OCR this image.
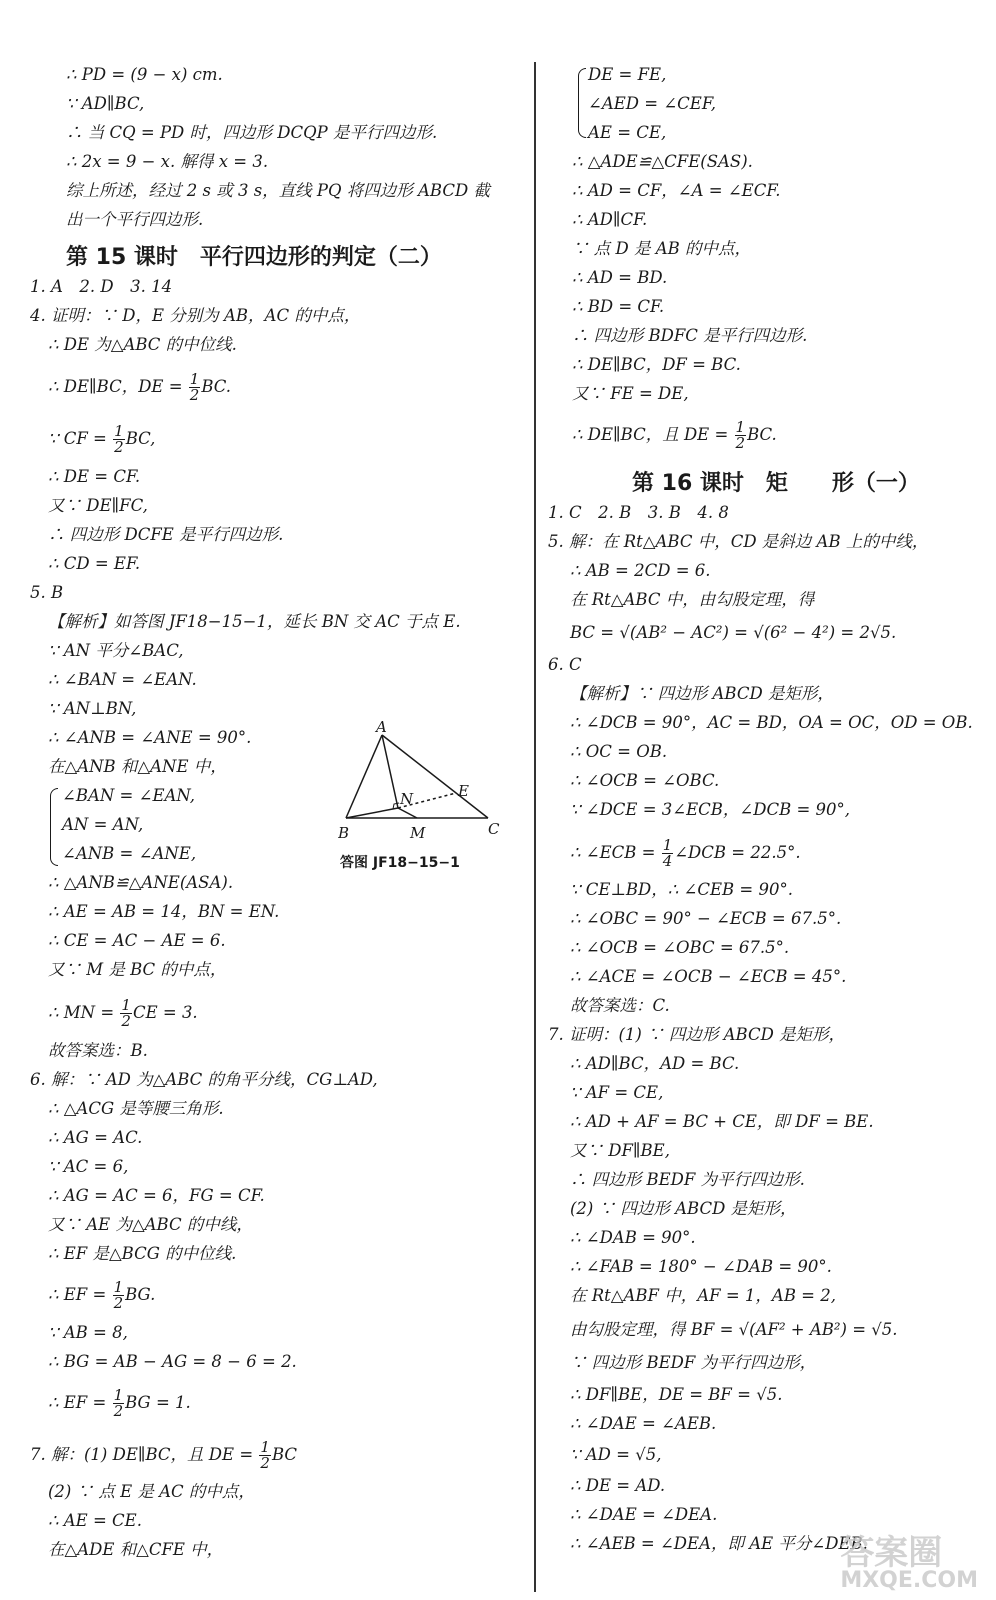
∴ PD = (9 − x) cm.
∵ AD∥BC,
∴ 当 CQ = PD 时，四边形 DCQP 是平行四边形.
∴ 2x = 9 − x. 解得 x = 3.
综上所述，经过 2 s 或 3 s，直线 PQ 将四边形 ABCD 截
出一个平行四边形.
第 15 课时　平行四边形的判定（二）
1. A　2. D　3. 14
4. 证明：∵ D，E 分别为 AB，AC 的中点，
∴ DE 为△ABC 的中位线.
∴ DE∥BC，DE = $\frac{1}{2}$ BC.
∵ CF = $\frac{1}{2}$ BC,
∴ DE = CF.
又∵ DE∥FC,
∴ 四边形 DCFE 是平行四边形.
∴ CD = EF.
5. B
【解析】如答图 JF18−15−1，延长 BN 交 AC 于点 E.
∵ AN 平分∠BAC,
∴ ∠BAN = ∠EAN.
∵ AN⊥BN,
∴ ∠ANB = ∠ANE = 90°.
在△ANB 和△ANE 中，
∠BAN = ∠EAN,
AN = AN,
∠ANB = ∠ANE,
∴ △ANB≌△ANE(ASA).
∴ AE = AB = 14，BN = EN.
∴ CE = AC − AE = 6.
又∵ M 是 BC 的中点，
∴ MN = $\frac{1}{2}$ CE = 3.
故答案选：B.
6. 解：∵ AD 为△ABC 的角平分线，CG⊥AD,
∴ △ACG 是等腰三角形.
∴ AG = AC.
∵ AC = 6,
∴ AG = AC = 6，FG = CF.
又∵ AE 为△ABC 的中线，
∴ EF 是△BCG 的中位线.
∴ EF = $\frac{1}{2}$ BG.
∵ AB = 8,
∴ BG = AB − AG = 8 − 6 = 2.
∴ EF = $\frac{1}{2}$ BG = 1.
7. 解：(1) DE∥BC，且 DE = $\frac{1}{2}$ BC
(2) ∵ 点 E 是 AC 的中点，
∴ AE = CE.
在△ADE 和△CFE 中，
A
N	E
B	M	C
答图 JF18−15−1
DE = FE,
∠AED = ∠CEF,
AE = CE,
∴ △ADE≌△CFE(SAS).
∴ AD = CF，∠A = ∠ECF.
∴ AD∥CF.
∵ 点 D 是 AB 的中点，
∴ AD = BD.
∴ BD = CF.
∴ 四边形 BDFC 是平行四边形.
∴ DE∥BC，DF = BC.
又∵ FE = DE,
∴ DE∥BC，且 DE = $\frac{1}{2}$ BC.
第 16 课时　矩　　形（一）
1. C　2. B　3. B　4. 8
5. 解：在 Rt△ABC 中，CD 是斜边 AB 上的中线，
∴ AB = 2CD = 6.
在 Rt△ABC 中，由勾股定理，得
BC = √(AB² − AC²) = √(6² − 4²) = 2√5.
6. C
【解析】∵ 四边形 ABCD 是矩形，
∴ ∠DCB = 90°，AC = BD，OA = OC，OD = OB.
∴ OC = OB.
∴ ∠OCB = ∠OBC.
∵ ∠DCE = 3∠ECB，∠DCB = 90°,
∴ ∠ECB = $\frac{1}{4}$ ∠DCB = 22.5°.
∵ CE⊥BD，∴ ∠CEB = 90°.
∴ ∠OBC = 90° − ∠ECB = 67.5°.
∴ ∠OCB = ∠OBC = 67.5°.
∴ ∠ACE = ∠OCB − ∠ECB = 45°.
故答案选：C.
7. 证明：(1) ∵ 四边形 ABCD 是矩形，
∴ AD∥BC，AD = BC.
∵ AF = CE,
∴ AD + AF = BC + CE，即 DF = BE.
又∵ DF∥BE,
∴ 四边形 BEDF 为平行四边形.
(2) ∵ 四边形 ABCD 是矩形，
∴ ∠DAB = 90°.
∴ ∠FAB = 180° − ∠DAB = 90°.
在 Rt△ABF 中，AF = 1，AB = 2,
由勾股定理，得 BF = √(AF² + AB²) = √5.
∵ 四边形 BEDF 为平行四边形，
∴ DF∥BE，DE = BF = √5.
∴ ∠DAE = ∠AEB.
∵ AD = √5,
∴ DE = AD.
∴ ∠DAE = ∠DEA.
∴ ∠AEB = ∠DEA，即 AE 平分∠DEB.
答案圈
MXQE.COM
